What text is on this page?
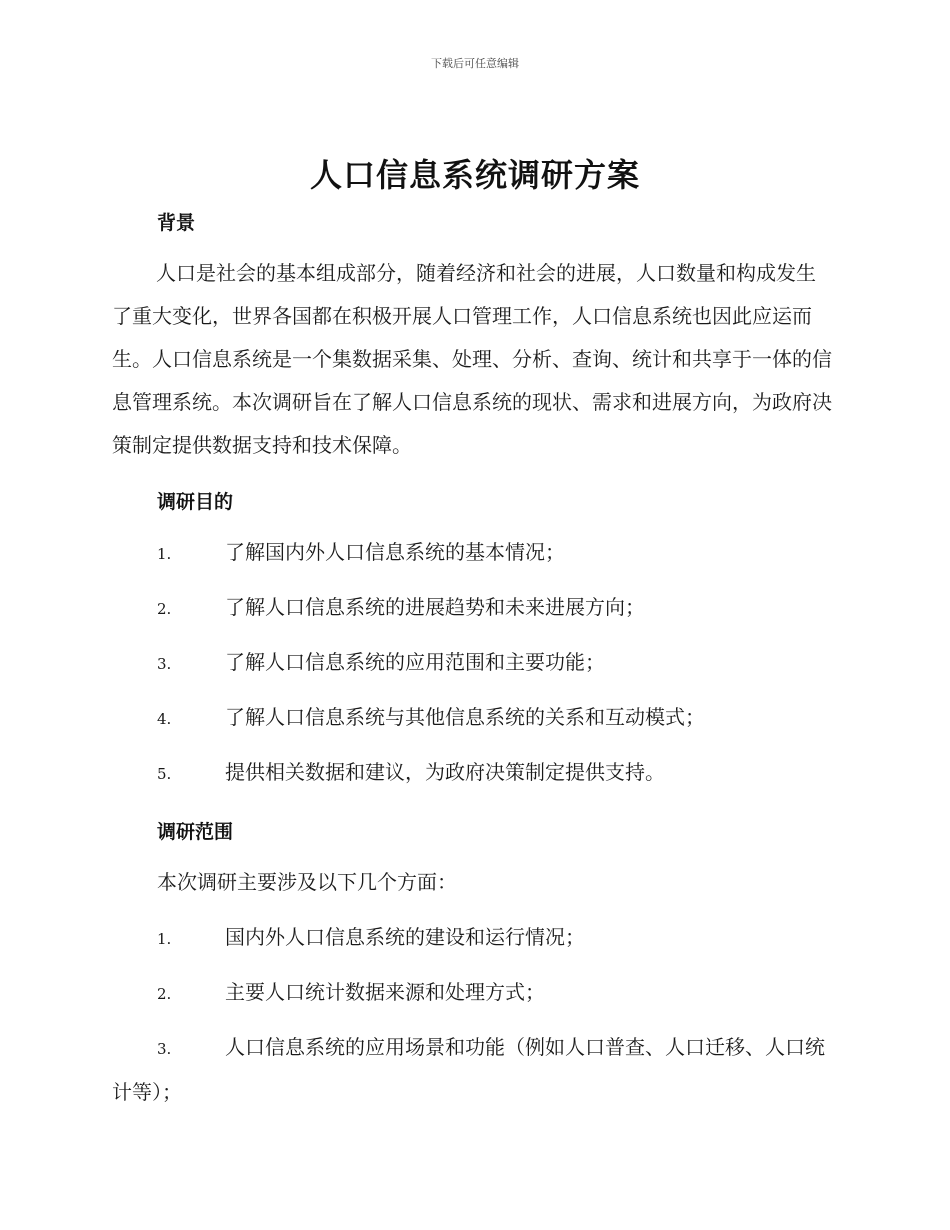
下载后可任意编辑
人口信息系统调研方案
背景
人口是社会的基本组成部分，随着经济和社会的进展，人口数量和构成发生了重大变化，世界各国都在积极开展人口管理工作，人口信息系统也因此应运而生。人口信息系统是一个集数据采集、处理、分析、查询、统计和共享于一体的信息管理系统。本次调研旨在了解人口信息系统的现状、需求和进展方向，为政府决策制定提供数据支持和技术保障。
调研目的
1.	了解国内外人口信息系统的基本情况；
2.	了解人口信息系统的进展趋势和未来进展方向；
3.	了解人口信息系统的应用范围和主要功能；
4.	了解人口信息系统与其他信息系统的关系和互动模式；
5.	提供相关数据和建议，为政府决策制定提供支持。
调研范围
本次调研主要涉及以下几个方面：
1.	国内外人口信息系统的建设和运行情况；
2.	主要人口统计数据来源和处理方式；
3.	人口信息系统的应用场景和功能（例如人口普查、人口迁移、人口统计等）；
